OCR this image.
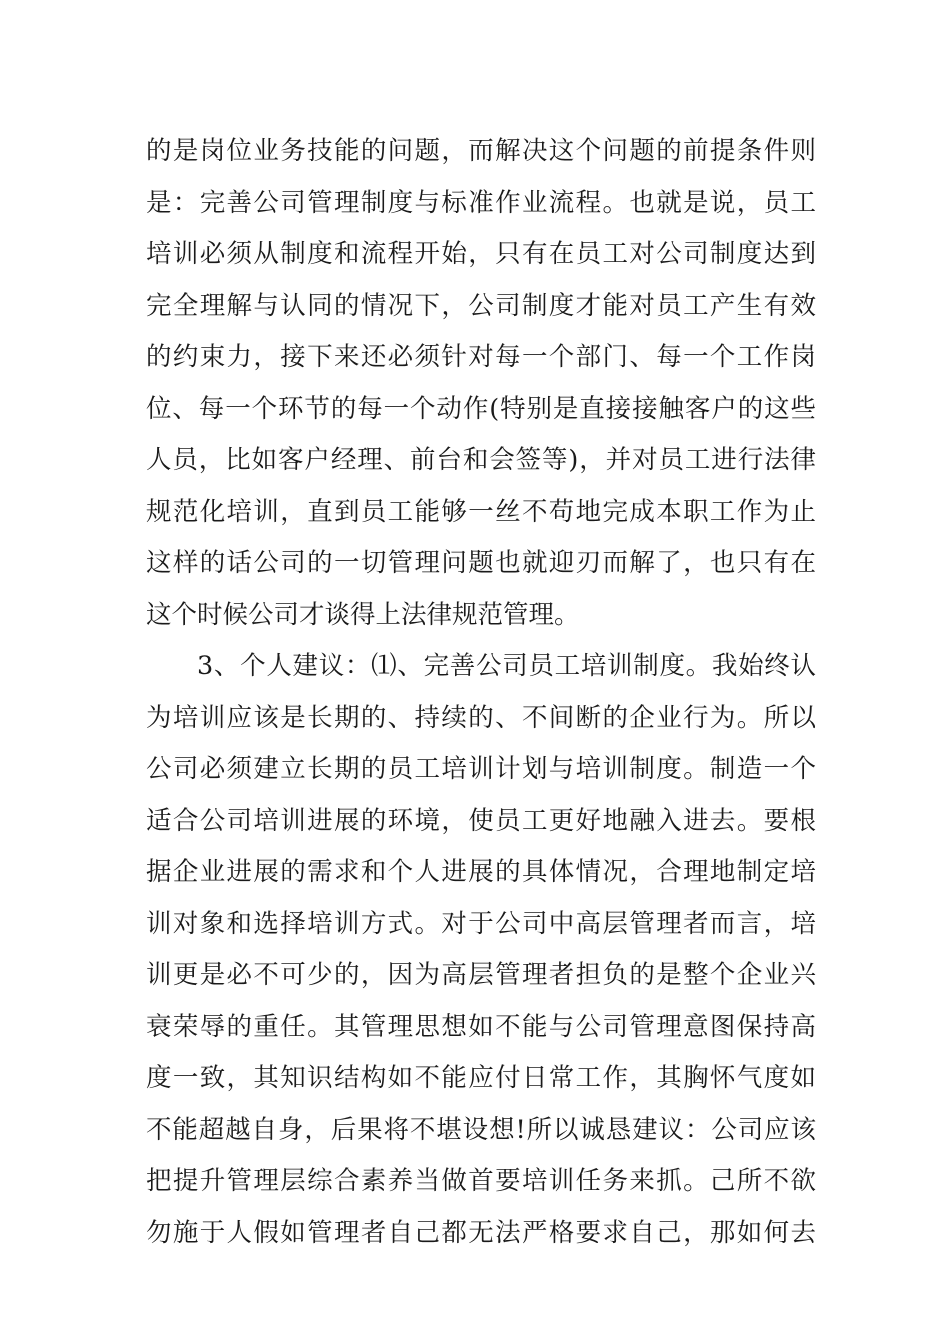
的是岗位业务技能的问题，而解决这个问题的前提条件则
是：完善公司管理制度与标准作业流程。也就是说，员工
培训必须从制度和流程开始，只有在员工对公司制度达到
完全理解与认同的情况下，公司制度才能对员工产生有效
的约束力，接下来还必须针对每一个部门、每一个工作岗
位、每一个环节的每一个动作(特别是直接接触客户的这些
人员，比如客户经理、前台和会签等)，并对员工进行法律
规范化培训，直到员工能够一丝不苟地完成本职工作为止
这样的话公司的一切管理问题也就迎刃而解了，也只有在
这个时候公司才谈得上法律规范管理。
3、个人建议：⑴、完善公司员工培训制度。我始终认
为培训应该是长期的、持续的、不间断的企业行为。所以
公司必须建立长期的员工培训计划与培训制度。制造一个
适合公司培训进展的环境，使员工更好地融入进去。要根
据企业进展的需求和个人进展的具体情况，合理地制定培
训对象和选择培训方式。对于公司中高层管理者而言，培
训更是必不可少的，因为高层管理者担负的是整个企业兴
衰荣辱的重任。其管理思想如不能与公司管理意图保持高
度一致，其知识结构如不能应付日常工作，其胸怀气度如
不能超越自身，后果将不堪设想!所以诚恳建议：公司应该
把提升管理层综合素养当做首要培训任务来抓。己所不欲
勿施于人假如管理者自己都无法严格要求自己，那如何去
